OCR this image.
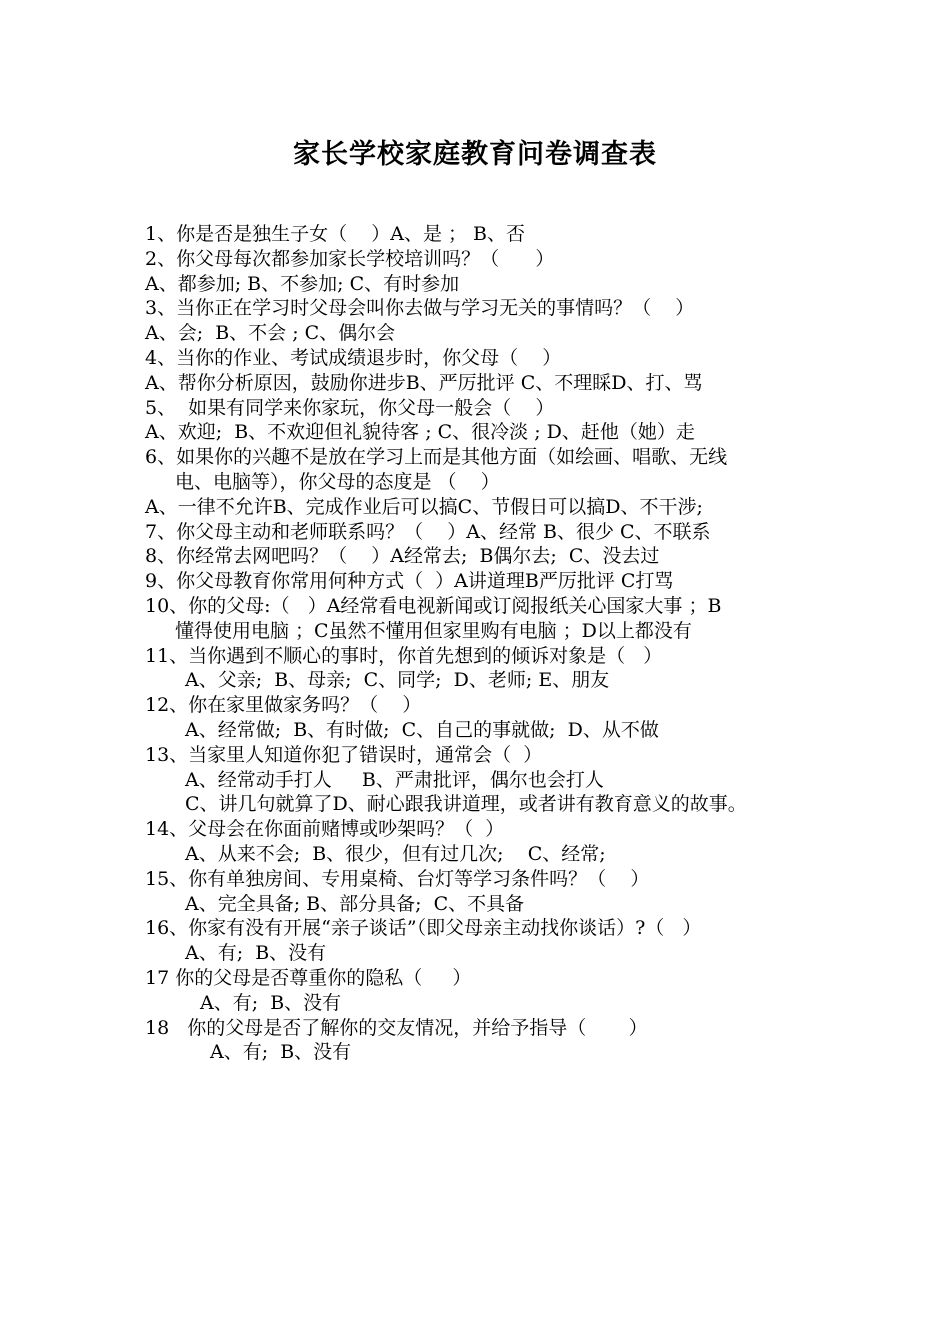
家长学校家庭教育问卷调查表
1、你是否是独生子女（    ）A、是 ； B、否
2、你父母每次都参加家长学校培训吗？（      ）
A、都参加; B、不参加; C、有时参加
3、当你正在学习时父母会叫你去做与学习无关的事情吗？（    ）
A、会;  B、不会 ; C、偶尔会
4、当你的作业、考试成绩退步时，你父母（    ）
A、帮你分析原因，鼓励你进步B、严厉批评 C、不理睬D、打、骂
5、  如果有同学来你家玩，你父母一般会（    ）
A、欢迎;  B、不欢迎但礼貌待客 ; C、很冷淡 ; D、赶他（她）走
6、如果你的兴趣不是放在学习上而是其他方面（如绘画、唱歌、无线
电、电脑等），你父母的态度是 （    ）
A、一律不允许B、完成作业后可以搞C、节假日可以搞D、不干涉;
7、你父母主动和老师联系吗？（    ）A、经常 B、很少 C、不联系
8、你经常去网吧吗？（    ）A经常去;  B偶尔去;  C、没去过
9、你父母教育你常用何种方式（  ）A讲道理B严厉批评 C打骂
10、你的父母:（   ）A经常看电视新闻或订阅报纸关心国家大事 ；B
懂得使用电脑 ；C虽然不懂用但家里购有电脑 ；D以上都没有
11、当你遇到不顺心的事时，你首先想到的倾诉对象是（   ）
A、父亲;  B、母亲;  C、同学;  D、老师; E、朋友
12、你在家里做家务吗？（    ）
A、经常做;  B、有时做;  C、自己的事就做;  D、从不做
13、当家里人知道你犯了错误时，通常会（  ）
A、经常动手打人     B、严肃批评，偶尔也会打人
C、讲几句就算了D、耐心跟我讲道理，或者讲有教育意义的故事。
14、父母会在你面前赌博或吵架吗？（  ）
A、从来不会;  B、很少，但有过几次;    C、经常;
15、你有单独房间、专用桌椅、台灯等学习条件吗？（    ）
A、完全具备; B、部分具备;  C、不具备
16、你家有没有开展“亲子谈话”（即父母亲主动找你谈话）?（   ）
A、有;  B、没有
17 你的父母是否尊重你的隐私（     ）
A、有;  B、没有
18   你的父母是否了解你的交友情况，并给予指导（       ）
A、有;  B、没有
